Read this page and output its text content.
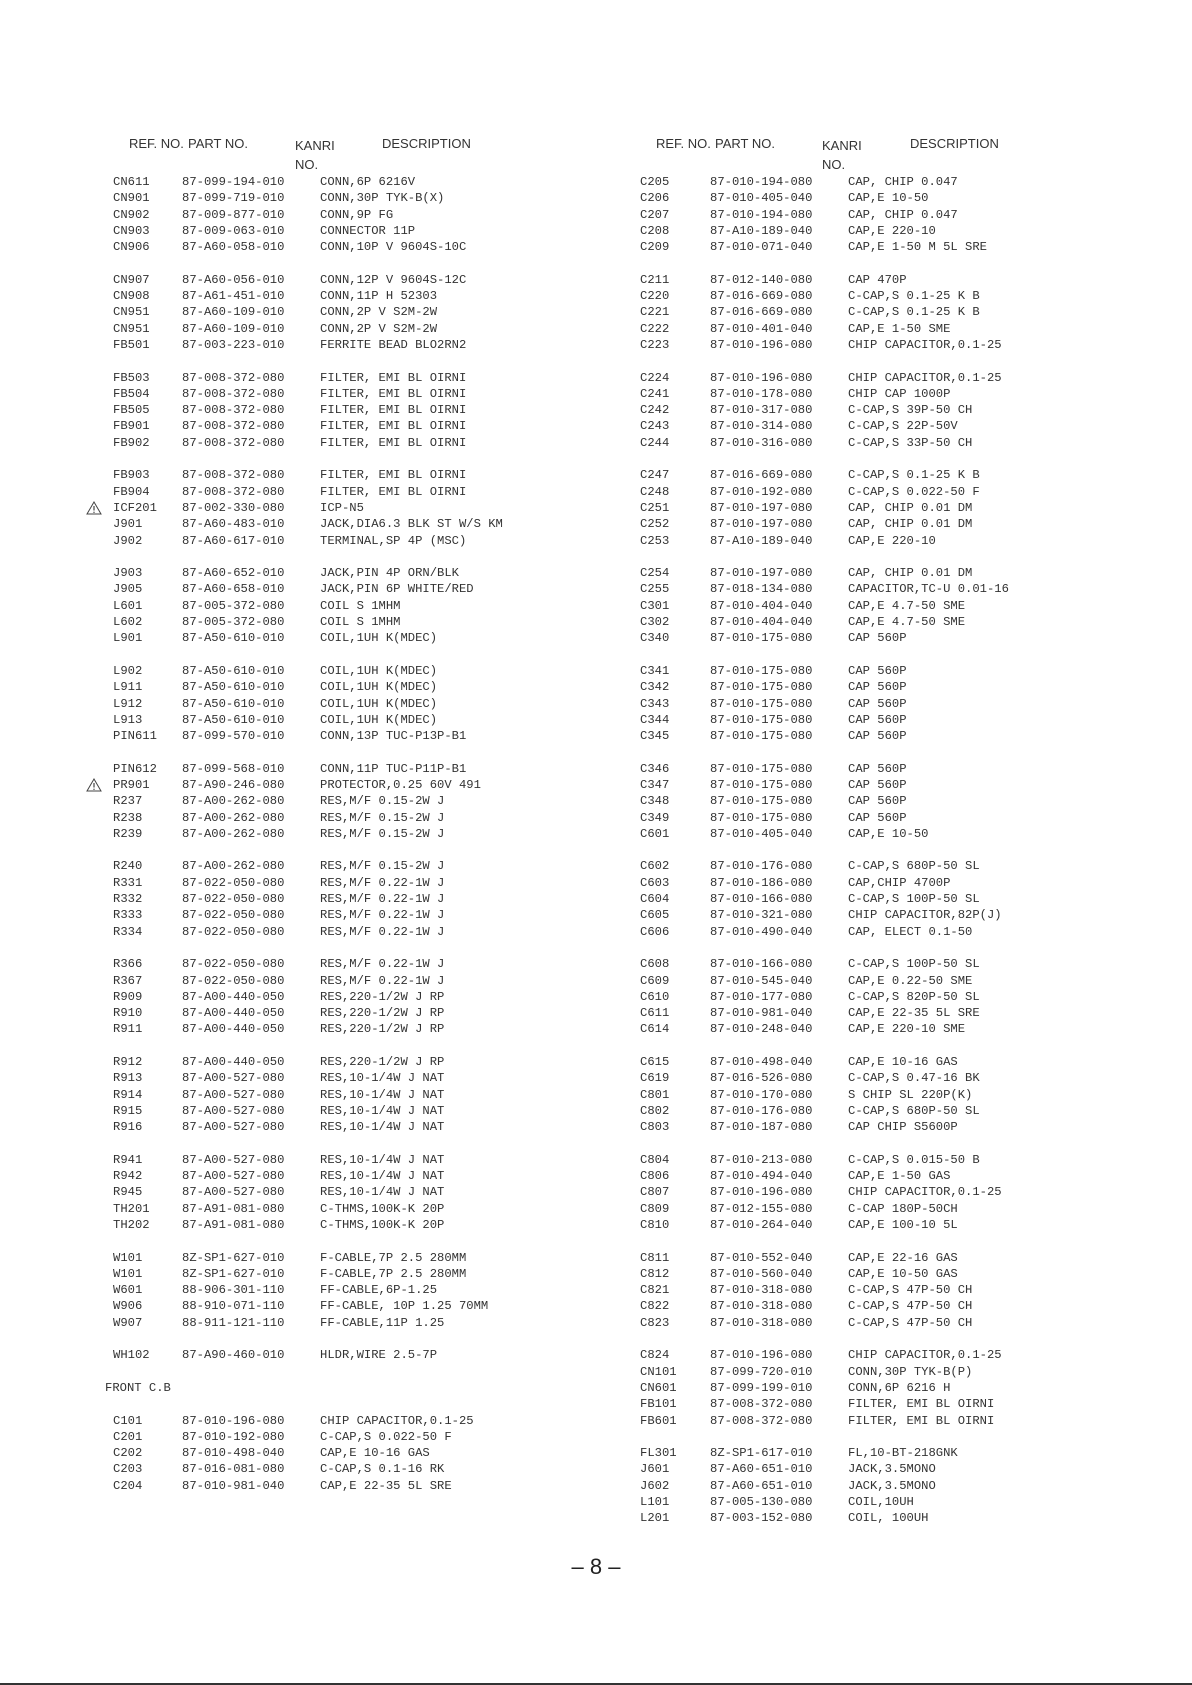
REF. NO. PART NO.	KANRI
NO.
DESCRIPTION
CN611	87-099-194-010	CONN,6P 6216V
CN901	87-099-719-010	CONN,30P TYK-B(X)
CN902	87-009-877-010	CONN,9P FG
CN903	87-009-063-010	CONNECTOR 11P
CN906	87-A60-058-010	CONN,10P V 9604S-10C
CN907	87-A60-056-010	CONN,12P V 9604S-12C
CN908	87-A61-451-010	CONN,11P H 52303
CN951	87-A60-109-010	CONN,2P V S2M-2W
CN951	87-A60-109-010	CONN,2P V S2M-2W
FB501	87-003-223-010	FERRITE BEAD BLO2RN2
FB503	87-008-372-080	FILTER, EMI BL OIRNI
FB504	87-008-372-080	FILTER, EMI BL OIRNI
FB505	87-008-372-080	FILTER, EMI BL OIRNI
FB901	87-008-372-080	FILTER, EMI BL OIRNI
FB902	87-008-372-080	FILTER, EMI BL OIRNI
FB903	87-008-372-080	FILTER, EMI BL OIRNI
FB904	87-008-372-080	FILTER, EMI BL OIRNI
ICF201 87-002-330-080	ICP-N5
J901	87-A60-483-010	JACK,DIA6.3 BLK ST W/S KM
J902	87-A60-617-010	TERMINAL,SP 4P (MSC)
J903	87-A60-652-010	JACK,PIN 4P ORN/BLK
J905	87-A60-658-010	JACK,PIN 6P WHITE/RED
L601	87-005-372-080	COIL S 1MHM
L602	87-005-372-080	COIL S 1MHM
L901	87-A50-610-010	COIL,1UH K(MDEC)
L902	87-A50-610-010	COIL,1UH K(MDEC)
L911	87-A50-610-010	COIL,1UH K(MDEC)
L912	87-A50-610-010	COIL,1UH K(MDEC)
L913	87-A50-610-010	COIL,1UH K(MDEC)
PIN611 87-099-570-010	CONN,13P TUC-P13P-B1
PIN612 87-099-568-010	CONN,11P TUC-P11P-B1
PR901	87-A90-246-080	PROTECTOR,0.25 60V 491
R237	87-A00-262-080	RES,M/F 0.15-2W J
R238	87-A00-262-080	RES,M/F 0.15-2W J
R239	87-A00-262-080	RES,M/F 0.15-2W J
R240	87-A00-262-080	RES,M/F 0.15-2W J
R331	87-022-050-080	RES,M/F 0.22-1W J
R332	87-022-050-080	RES,M/F 0.22-1W J
R333	87-022-050-080	RES,M/F 0.22-1W J
R334	87-022-050-080	RES,M/F 0.22-1W J
R366	87-022-050-080	RES,M/F 0.22-1W J
R367	87-022-050-080	RES,M/F 0.22-1W J
R909	87-A00-440-050	RES,220-1/2W J RP
R910	87-A00-440-050	RES,220-1/2W J RP
R911	87-A00-440-050	RES,220-1/2W J RP
R912	87-A00-440-050	RES,220-1/2W J RP
R913	87-A00-527-080	RES,10-1/4W J NAT
R914	87-A00-527-080	RES,10-1/4W J NAT
R915	87-A00-527-080	RES,10-1/4W J NAT
R916	87-A00-527-080	RES,10-1/4W J NAT
R941	87-A00-527-080	RES,10-1/4W J NAT
R942	87-A00-527-080	RES,10-1/4W J NAT
R945	87-A00-527-080	RES,10-1/4W J NAT
TH201	87-A91-081-080	C-THMS,100K-K 20P
TH202	87-A91-081-080	C-THMS,100K-K 20P
W101	8Z-SP1-627-010	F-CABLE,7P 2.5 280MM
W101	8Z-SP1-627-010	F-CABLE,7P 2.5 280MM
W601	88-906-301-110	FF-CABLE,6P-1.25
W906	88-910-071-110	FF-CABLE, 10P 1.25 70MM
W907	88-911-121-110	FF-CABLE,11P 1.25
WH102	87-A90-460-010	HLDR,WIRE 2.5-7P
FRONT C.B
C101	87-010-196-080	CHIP CAPACITOR,0.1-25
C201	87-010-192-080	C-CAP,S 0.022-50 F
C202	87-010-498-040	CAP,E 10-16 GAS
C203	87-016-081-080	C-CAP,S 0.1-16 RK
C204	87-010-981-040	CAP,E 22-35 5L SRE
REF. NO. PART NO.	KANRI
NO.
DESCRIPTION
C205	87-010-194-080	CAP, CHIP 0.047
C206	87-010-405-040	CAP,E 10-50
C207	87-010-194-080	CAP, CHIP 0.047
C208	87-A10-189-040	CAP,E 220-10
C209	87-010-071-040	CAP,E 1-50 M 5L SRE
C211	87-012-140-080	CAP 470P
C220	87-016-669-080	C-CAP,S 0.1-25 K B
C221	87-016-669-080	C-CAP,S 0.1-25 K B
C222	87-010-401-040	CAP,E 1-50 SME
C223	87-010-196-080	CHIP CAPACITOR,0.1-25
C224	87-010-196-080	CHIP CAPACITOR,0.1-25
C241	87-010-178-080	CHIP CAP 1000P
C242	87-010-317-080	C-CAP,S 39P-50 CH
C243	87-010-314-080	C-CAP,S 22P-50V
C244	87-010-316-080	C-CAP,S 33P-50 CH
C247	87-016-669-080	C-CAP,S 0.1-25 K B
C248	87-010-192-080	C-CAP,S 0.022-50 F
C251	87-010-197-080	CAP, CHIP 0.01 DM
C252	87-010-197-080	CAP, CHIP 0.01 DM
C253	87-A10-189-040	CAP,E 220-10
C254	87-010-197-080	CAP, CHIP 0.01 DM
C255	87-018-134-080	CAPACITOR,TC-U 0.01-16
C301	87-010-404-040	CAP,E 4.7-50 SME
C302	87-010-404-040	CAP,E 4.7-50 SME
C340	87-010-175-080	CAP 560P
C341	87-010-175-080	CAP 560P
C342	87-010-175-080	CAP 560P
C343	87-010-175-080	CAP 560P
C344	87-010-175-080	CAP 560P
C345	87-010-175-080	CAP 560P
C346	87-010-175-080	CAP 560P
C347	87-010-175-080	CAP 560P
C348	87-010-175-080	CAP 560P
C349	87-010-175-080	CAP 560P
C601	87-010-405-040	CAP,E 10-50
C602	87-010-176-080	C-CAP,S 680P-50 SL
C603	87-010-186-080	CAP,CHIP 4700P
C604	87-010-166-080	C-CAP,S 100P-50 SL
C605	87-010-321-080	CHIP CAPACITOR,82P(J)
C606	87-010-490-040	CAP, ELECT 0.1-50
C608	87-010-166-080	C-CAP,S 100P-50 SL
C609	87-010-545-040	CAP,E 0.22-50 SME
C610	87-010-177-080	C-CAP,S 820P-50 SL
C611	87-010-981-040	CAP,E 22-35 5L SRE
C614	87-010-248-040	CAP,E 220-10 SME
C615	87-010-498-040	CAP,E 10-16 GAS
C619	87-016-526-080	C-CAP,S 0.47-16 BK
C801	87-010-170-080	S CHIP SL 220P(K)
C802	87-010-176-080	C-CAP,S 680P-50 SL
C803	87-010-187-080	CAP CHIP S5600P
C804	87-010-213-080	C-CAP,S 0.015-50 B
C806	87-010-494-040	CAP,E 1-50 GAS
C807	87-010-196-080	CHIP CAPACITOR,0.1-25
C809	87-012-155-080	C-CAP 180P-50CH
C810	87-010-264-040	CAP,E 100-10 5L
C811	87-010-552-040	CAP,E 22-16 GAS
C812	87-010-560-040	CAP,E 10-50 GAS
C821	87-010-318-080	C-CAP,S 47P-50 CH
C822	87-010-318-080	C-CAP,S 47P-50 CH
C823	87-010-318-080	C-CAP,S 47P-50 CH
C824	87-010-196-080	CHIP CAPACITOR,0.1-25
CN101	87-099-720-010	CONN,30P TYK-B(P)
CN601	87-099-199-010	CONN,6P 6216 H
FB101	87-008-372-080	FILTER, EMI BL OIRNI
FB601	87-008-372-080	FILTER, EMI BL OIRNI
FL301	8Z-SP1-617-010	FL,10-BT-218GNK
J601	87-A60-651-010	JACK,3.5MONO
J602	87-A60-651-010	JACK,3.5MONO
L101	87-005-130-080	COIL,10UH
L201	87-003-152-080	COIL, 100UH
– 8 –
